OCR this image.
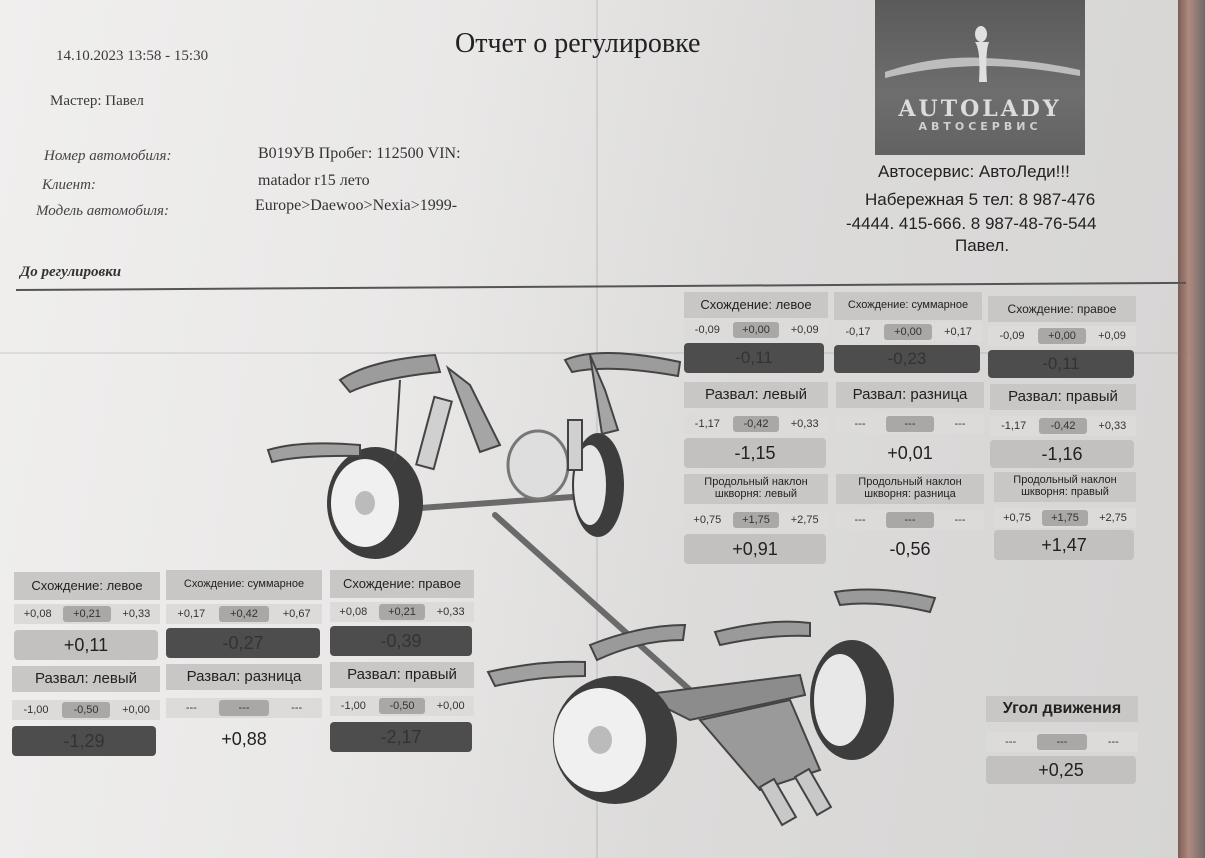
14.10.2023 13:58 - 15:30	Отчет о регулировке
Мастер: Павел
Номер автомобиля:	В019УВ Пробег: 112500 VIN:
Клиент:	matador r15 лето
Модель автомобиля:	Europe>Daewoo>Nexia>1999-
AUTOLADY
АВТОСЕРВИС
Автосервис: АвтоЛеди!!!
Набережная 5 тел: 8 987-476
-4444. 415-666. 8 987-48-76-544
Павел.
До регулировки
Схождение: левое
-0,09	+0,00	+0,09
-0,11
Схождение: суммарное
-0,17	+0,00	+0,17
-0,23
Схождение: правое
-0,09	+0,00	+0,09
-0,11
Развал: левый
-1,17	-0,42	+0,33
-1,15
Развал: разница
---	---	---
+0,01
Развал: правый
-1,17	-0,42	+0,33
-1,16
Продольный наклон шкворня: левый
+0,75	+1,75	+2,75
+0,91
Продольный наклон шкворня: разница
---	---	---
-0,56
Продольный наклон шкворня: правый
+0,75	+1,75	+2,75
+1,47
Схождение: левое
+0,08	+0,21	+0,33
+0,11
Схождение: суммарное
+0,17	+0,42	+0,67
-0,27
Схождение: правое
+0,08	+0,21	+0,33
-0,39
Развал: левый
-1,00	-0,50	+0,00
-1,29
Развал: разница
---	---	---
+0,88
Развал: правый
-1,00	-0,50	+0,00
-2,17
Угол движения
---	---	---
+0,25
